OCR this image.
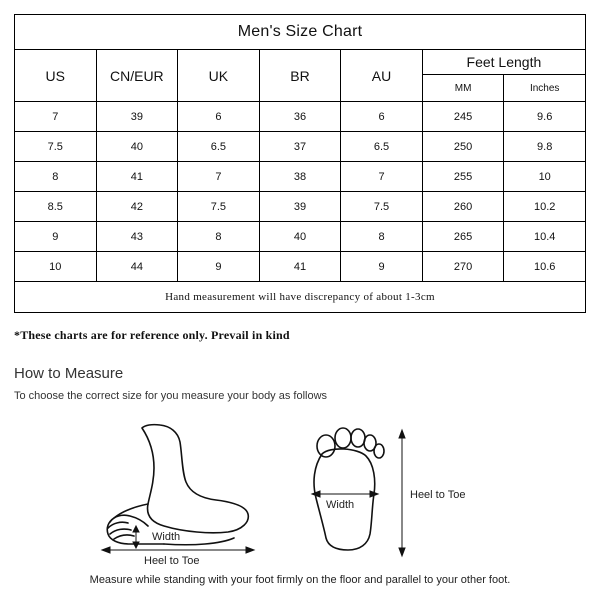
Men's Size Chart						
US	CN/EUR	UK	BR	AU	Feet Length	
					MM	Inches
7	39	6	36	6	245	9.6
7.5	40	6.5	37	6.5	250	9.8
8	41	7	38	7	255	10
8.5	42	7.5	39	7.5	260	10.2
9	43	8	40	8	265	10.4
10	44	9	41	9	270	10.6
Hand measurement will have discrepancy of about 1-3cm						
*These charts are for reference only. Prevail in kind
How to Measure
To choose the correct size for you measure your body as follows
Width
Heel to Toe
Width
Heel to Toe
Measure while standing with your foot firmly on the floor and parallel to your other foot.
